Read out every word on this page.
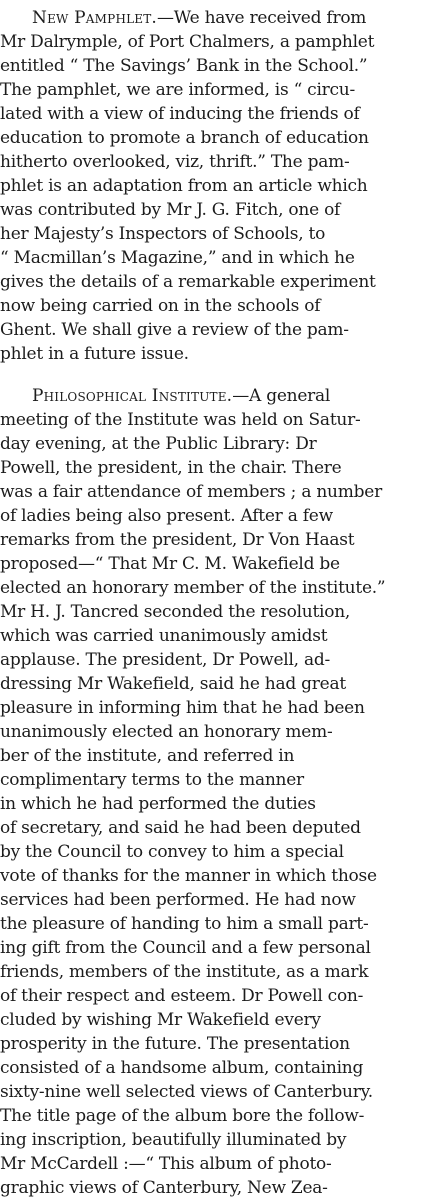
New Pamphlet.—We have received from
Mr Dalrymple, of Port Chalmers, a pamphlet
entitled “ The Savings’ Bank in the School.”
The pamphlet, we are informed, is “ circu-
lated with a view of inducing the friends of
education to promote a branch of education
hitherto overlooked, viz, thrift.” The pam-
phlet is an adaptation from an article which
was contributed by Mr J. G. Fitch, one of
her Majesty’s Inspectors of Schools, to
“ Macmillan’s Magazine,” and in which he
gives the details of a remarkable experiment
now being carried on in the schools of
Ghent. We shall give a review of the pam-
phlet in a future issue.
Philosophical Institute.—A general
meeting of the Institute was held on Satur-
day evening, at the Public Library: Dr
Powell, the president, in the chair. There
was a fair attendance of members ; a number
of ladies being also present. After a few
remarks from the president, Dr Von Haast
proposed—“ That Mr C. M. Wakefield be
elected an honorary member of the institute.”
Mr H. J. Tancred seconded the resolution,
which was carried unanimously amidst
applause. The president, Dr Powell, ad-
dressing Mr Wakefield, said he had great
pleasure in informing him that he had been
unanimously elected an honorary mem-
ber of the institute, and referred in
complimentary terms to the manner
in which he had performed the duties
of secretary, and said he had been deputed
by the Council to convey to him a special
vote of thanks for the manner in which those
services had been performed. He had now
the pleasure of handing to him a small part-
ing gift from the Council and a few personal
friends, members of the institute, as a mark
of their respect and esteem. Dr Powell con-
cluded by wishing Mr Wakefield every
prosperity in the future. The presentation
consisted of a handsome album, containing
sixty-nine well selected views of Canterbury.
The title page of the album bore the follow-
ing inscription, beautifully illuminated by
Mr McCardell :—“ This album of photo-
graphic views of Canterbury, New Zea-
